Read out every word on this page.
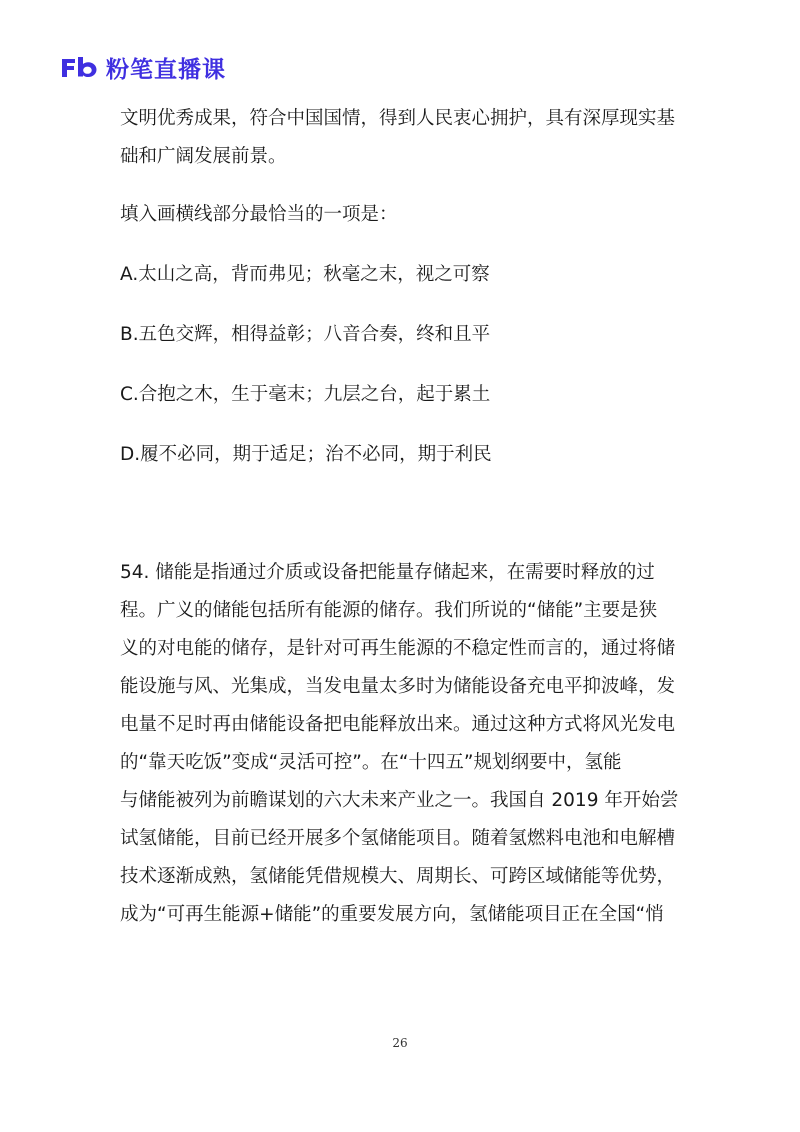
粉笔直播课
文明优秀成果，符合中国国情，得到人民衷心拥护，具有深厚现实基
础和广阔发展前景。
填入画横线部分最恰当的一项是：
A.太山之高，背而弗见；秋毫之末，视之可察
B.五色交辉，相得益彰；八音合奏，终和且平
C.合抱之木，生于毫末；九层之台，起于累土
D.履不必同，期于适足；治不必同，期于利民
54. 储能是指通过介质或设备把能量存储起来，在需要时释放的过
程。广义的储能包括所有能源的储存。我们所说的“储能”主要是狭
义的对电能的储存，是针对可再生能源的不稳定性而言的，通过将储
能设施与风、光集成，当发电量太多时为储能设备充电平抑波峰，发
电量不足时再由储能设备把电能释放出来。通过这种方式将风光发电
的“靠天吃饭”变成“灵活可控”。在“十四五”规划纲要中，氢能
与储能被列为前瞻谋划的六大未来产业之一。我国自 2019 年开始尝
试氢储能，目前已经开展多个氢储能项目。随着氢燃料电池和电解槽
技术逐渐成熟，氢储能凭借规模大、周期长、可跨区域储能等优势，
成为“可再生能源+储能”的重要发展方向，氢储能项目正在全国“悄
26
